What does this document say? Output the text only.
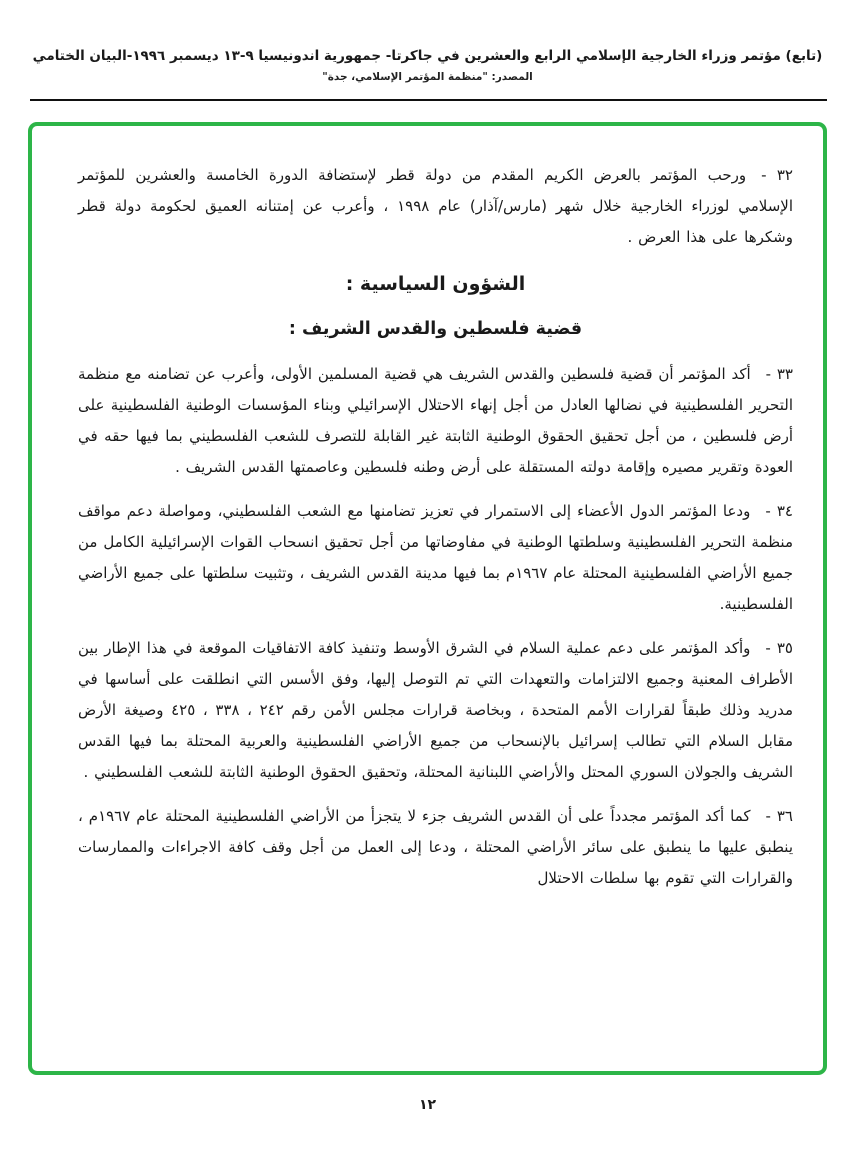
(تابع) مؤتمر وزراء الخارجية الإسلامي الرابع والعشرين في جاكرتا- جمهورية اندونيسيا ٩-١٣ ديسمبر ١٩٩٦-البيان الختامي
المصدر: "منظمة المؤتمر الإسلامي، جدة"

٣٢ - ورحب المؤتمر بالعرض الكريم المقدم من دولة قطر لإستضافة الدورة الخامسة والعشرين للمؤتمر الإسلامي لوزراء الخارجية خلال شهر (مارس/آذار) عام ١٩٩٨ ، وأعرب عن إمتنانه العميق لحكومة دولة قطر وشكرها على هذا العرض .

الشؤون السياسية :
قضية فلسطين والقدس الشريف :

٣٣ - أكد المؤتمر أن قضية فلسطين والقدس الشريف هي قضية المسلمين الأولى، وأعرب عن تضامنه مع منظمة التحرير الفلسطينية في نضالها العادل من أجل إنهاء الاحتلال الإسرائيلي وبناء المؤسسات الوطنية الفلسطينية على أرض فلسطين ، من أجل تحقيق الحقوق الوطنية الثابتة غير القابلة للتصرف للشعب الفلسطيني بما فيها حقه في العودة وتقرير مصيره وإقامة دولته المستقلة على أرض وطنه فلسطين وعاصمتها القدس الشريف .

٣٤ - ودعا المؤتمر الدول الأعضاء إلى الاستمرار في تعزيز تضامنها مع الشعب الفلسطيني، ومواصلة دعم مواقف منظمة التحرير الفلسطينية وسلطتها الوطنية في مفاوضاتها من أجل تحقيق انسحاب القوات الإسرائيلية الكامل من جميع الأراضي الفلسطينية المحتلة عام ١٩٦٧م بما فيها مدينة القدس الشريف ، وتثبيت سلطتها على جميع الأراضي الفلسطينية.

٣٥ - وأكد المؤتمر على دعم عملية السلام في الشرق الأوسط وتنفيذ كافة الاتفاقيات الموقعة في هذا الإطار بين الأطراف المعنية وجميع الالتزامات والتعهدات التي تم التوصل إليها، وفق الأسس التي انطلقت على أساسها في مدريد وذلك طبقاً لقرارات الأمم المتحدة ، وبخاصة قرارات مجلس الأمن رقم ٢٤٢ ، ٣٣٨ ، ٤٢٥ وصيغة الأرض مقابل السلام التي تطالب إسرائيل بالإنسحاب من جميع الأراضي الفلسطينية والعربية المحتلة بما فيها القدس الشريف والجولان السوري المحتل والأراضي اللبنانية المحتلة، وتحقيق الحقوق الوطنية الثابتة للشعب الفلسطيني .

٣٦ - كما أكد المؤتمر مجدداً على أن القدس الشريف جزء لا يتجزأ من الأراضي الفلسطينية المحتلة عام ١٩٦٧م ، ينطبق عليها ما ينطبق على سائر الأراضي المحتلة ، ودعا إلى العمل من أجل وقف كافة الاجراءات والممارسات والقرارات التي تقوم بها سلطات الاحتلال

١٢
